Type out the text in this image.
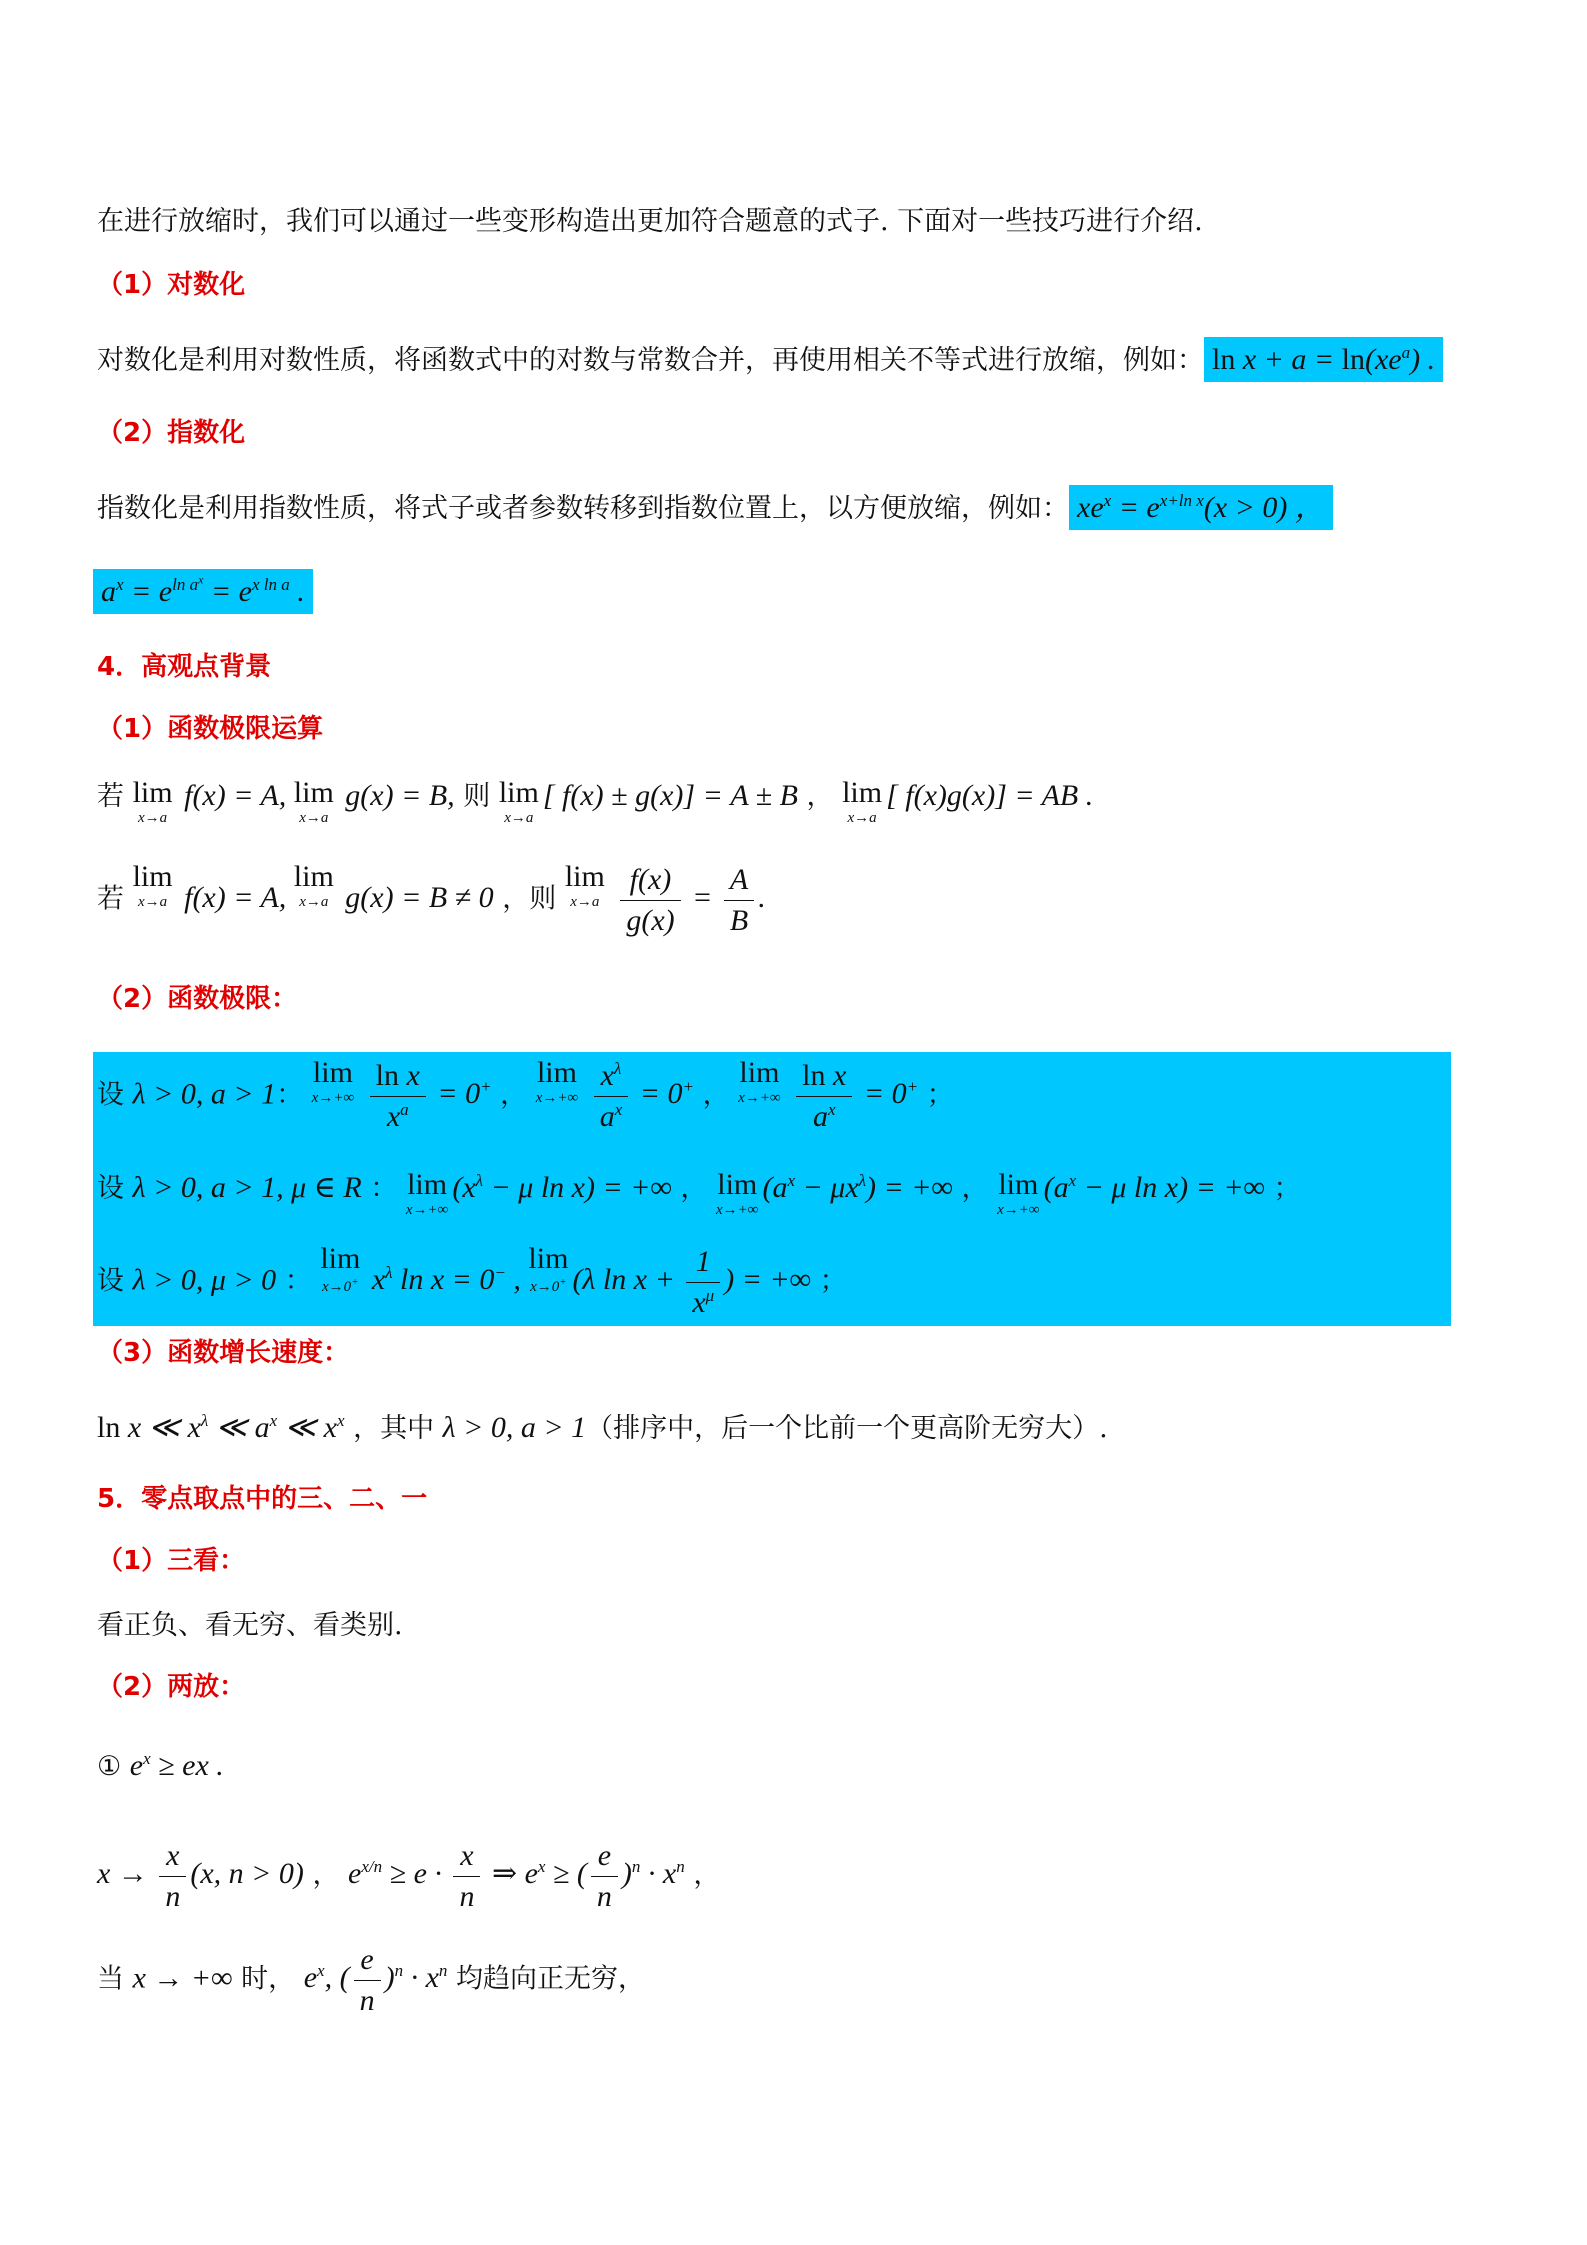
在进行放缩时，我们可以通过一些变形构造出更加符合题意的式子. 下面对一些技巧进行介绍.
（1）对数化
对数化是利用对数性质，将函数式中的对数与常数合并，再使用相关不等式进行放缩，例如： $\ln x + a = \ln(xe^a)$ .
（2）指数化
指数化是利用指数性质，将式子或者参数转移到指数位置上，以方便放缩，例如： $xe^x = e^{x+ln x}(x > 0)$ ，
$a^x = e^{ln a^x} = e^{x ln a}$ .
4．高观点背景
（1）函数极限运算
若 lim
x→a
f(x) = A, lim
x→a
g(x) = B, 则 lim
x→a
[ f(x) ± g(x)] = A ± B ， lim
x→a
[ f(x)g(x)] = AB .
若
lim
x→a f(x) = A,
lim
x→a g(x) = B ≠ 0 ，则
lim
x→a
$\frac{f(x)}{g(x)} = \frac{A}{B}$ .
（2）函数极限：
设 λ > 0, a > 1：
lim
x→+∞
$\frac{\text{ln x}}{x^a} = 0^+$ ，
lim
x→+∞
$\frac{x^\lambda}{a^x} = 0^+$ ，
lim
x→+∞
$\frac{\text{ln x}}{a^x} = 0^+$ ；
设 λ > 0, a > 1, μ ∈ R ： lim
x→+∞
($x^\lambda - \mu$ ln x) = +∞ ， lim
x→+∞
$(a^x - \mu x^\lambda)$ = +∞ ， lim
x→+∞
($a^x - \mu$ ln x) = +∞ ；
设 λ > 0, μ > 0 ：
lim
x→0+ $x^\lambda$ ln x = 0− ,
lim
x→0+ (λ $\ln x + \frac{1}{x^\mu}$ ) = +∞ ；
（3）函数增长速度：
ln x ≪ $x^\lambda$ ≪ $a^x$ ≪ $x^x$ ，其中 λ > 0, a > 1（排序中，后一个比前一个更高阶无穷大）.
5．零点取点中的三、二、一
（1）三看：
看正负、看无穷、看类别.
（2）两放：
① $e^x$ ≥ ex .
$x \to \frac{x}{n} (x$, n > 0) ， $e^{x/n} \ge e \cdot \frac{x}{n}$ ⇒ $e^x$ ≥ ( $\frac{e}{n} )^n \cdot x^n$ ，
当 x → +∞ 时， $e^x$, ( $\frac{e}{n} )^n \cdot x^n$ 均趋向正无穷，
